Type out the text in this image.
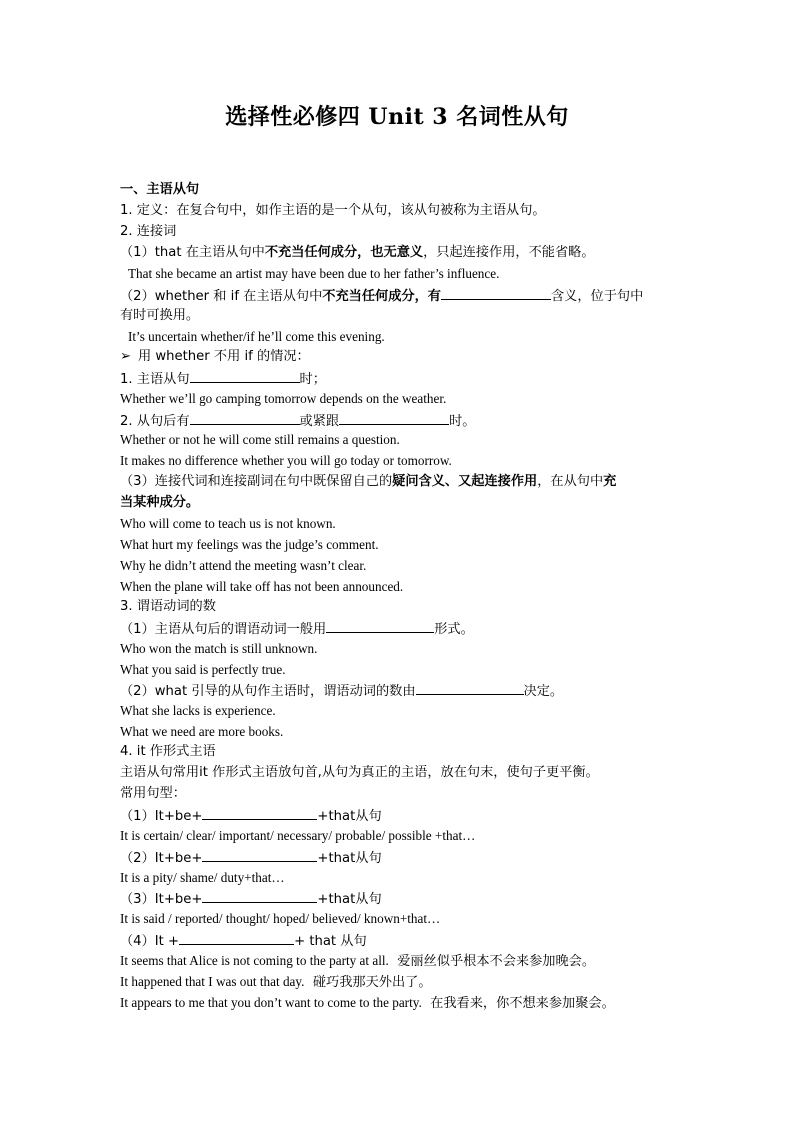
选择性必修四 Unit 3 名词性从句
一、主语从句
1. 定义：在复合句中，如作主语的是一个从句，该从句被称为主语从句。
2. 连接词
（1）that 在主语从句中不充当任何成分，也无意义，只起连接作用，不能省略。
That she became an artist may have been due to her father’s influence.
（2）whether 和 if 在主语从句中不充当任何成分，有	含义，位于句中
有时可换用。
It’s uncertain whether/if he’ll come this evening.
➢ 用 whether 不用 if 的情况：
1. 主语从句	时；
Whether we’ll go camping tomorrow depends on the weather.
2. 从句后有	或紧跟	时。
Whether or not he will come still remains a question.
It makes no difference whether you will go today or tomorrow.
（3）连接代词和连接副词在句中既保留自己的疑问含义、又起连接作用，在从句中充
当某种成分。
Who will come to teach us is not known.
What hurt my feelings was the judge’s comment.
Why he didn’t attend the meeting wasn’t clear.
When the plane will take off has not been announced.
3. 谓语动词的数
（1）主语从句后的谓语动词一般用	形式。
Who won the match is still unknown.
What you said is perfectly true.
（2）what 引导的从句作主语时，谓语动词的数由	决定。
What she lacks is experience.
What we need are more books.
4. it 作形式主语
主语从句常用it 作形式主语放句首,从句为真正的主语，放在句末，使句子更平衡。
常用句型：
（1）It+be+	+that从句
It is certain/ clear/ important/ necessary/ probable/ possible +that…
（2）It+be+	+that从句
It is a pity/ shame/ duty+that…
（3）It+be+	+that从句
It is said / reported/ thought/ hoped/ believed/ known+that…
（4）It +	+ that 从句
It seems that Alice is not coming to the party at all. 爱丽丝似乎根本不会来参加晚会。
It happened that I was out that day. 碰巧我那天外出了。
It appears to me that you don’t want to come to the party. 在我看来，你不想来参加聚会。
